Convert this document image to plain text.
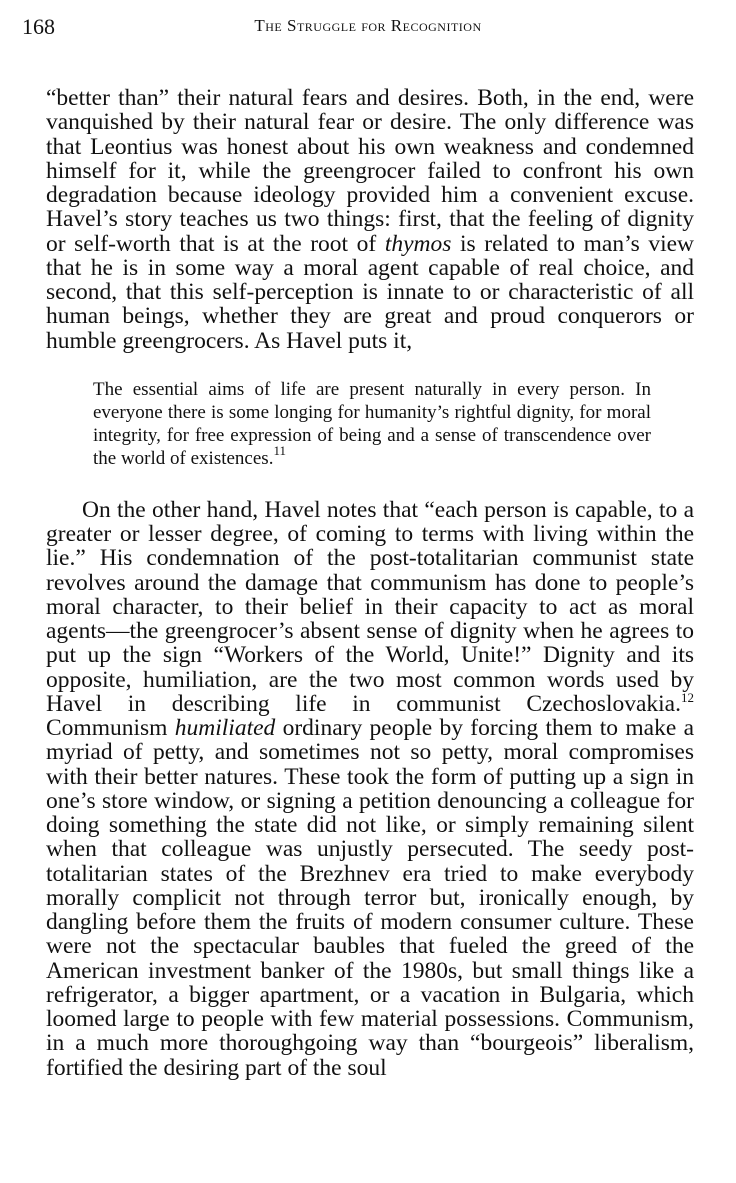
168	The Struggle for Recognition

“better than” their natural fears and desires. Both, in the end, were vanquished by their natural fear or desire. The only difference was that Leontius was honest about his own weakness and condemned himself for it, while the greengrocer failed to confront his own degradation because ideology provided him a convenient excuse. Havel’s story teaches us two things: first, that the feeling of dignity or self-worth that is at the root of thymos is related to man’s view that he is in some way a moral agent capable of real choice, and second, that this self-perception is innate to or characteristic of all human beings, whether they are great and proud conquerors or humble greengrocers. As Havel puts it,

The essential aims of life are present naturally in every person. In everyone there is some longing for humanity’s rightful dignity, for moral integrity, for free expression of being and a sense of transcendence over the world of existences.$^{11}$

On the other hand, Havel notes that “each person is capable, to a greater or lesser degree, of coming to terms with living within the lie.” His condemnation of the post-totalitarian communist state revolves around the damage that communism has done to people’s moral character, to their belief in their capacity to act as moral agents—the greengrocer’s absent sense of dignity when he agrees to put up the sign “Workers of the World, Unite!” Dignity and its opposite, humiliation, are the two most common words used by Havel in describing life in communist Czechoslovakia.$^{12}$ Communism humiliated ordinary people by forcing them to make a myriad of petty, and sometimes not so petty, moral compromises with their better natures. These took the form of putting up a sign in one’s store window, or signing a petition denouncing a colleague for doing something the state did not like, or simply remaining silent when that colleague was unjustly persecuted. The seedy post-totalitarian states of the Brezhnev era tried to make everybody morally complicit not through terror but, ironically enough, by dangling before them the fruits of modern consumer culture. These were not the spectacular baubles that fueled the greed of the American investment banker of the 1980s, but small things like a refrigerator, a bigger apartment, or a vacation in Bulgaria, which loomed large to people with few material possessions. Communism, in a much more thoroughgoing way than “bourgeois” liberalism, fortified the desiring part of the soul
